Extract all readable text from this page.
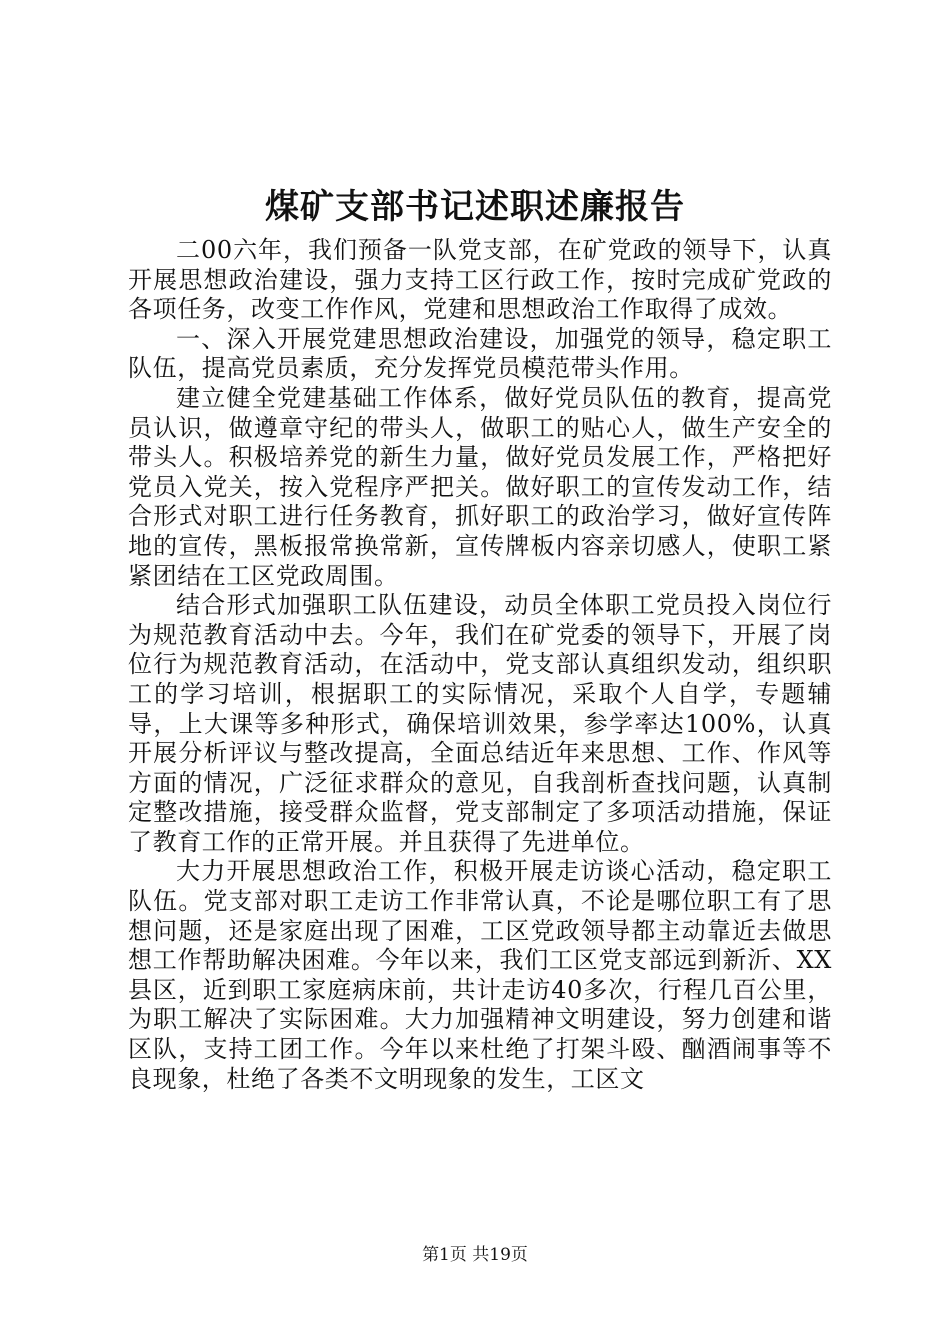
煤矿支部书记述职述廉报告

二00六年，我们预备一队党支部，在矿党政的领导下，认真开展思想政治建设，强力支持工区行政工作，按时完成矿党政的各项任务，改变工作作风，党建和思想政治工作取得了成效。

一、深入开展党建思想政治建设，加强党的领导，稳定职工队伍，提高党员素质，充分发挥党员模范带头作用。

建立健全党建基础工作体系，做好党员队伍的教育，提高党员认识，做遵章守纪的带头人，做职工的贴心人，做生产安全的带头人。积极培养党的新生力量，做好党员发展工作，严格把好党员入党关，按入党程序严把关。做好职工的宣传发动工作，结合形式对职工进行任务教育，抓好职工的政治学习，做好宣传阵地的宣传，黑板报常换常新，宣传牌板内容亲切感人，使职工紧紧团结在工区党政周围。

结合形式加强职工队伍建设，动员全体职工党员投入岗位行为规范教育活动中去。今年，我们在矿党委的领导下，开展了岗位行为规范教育活动，在活动中，党支部认真组织发动，组织职工的学习培训，根据职工的实际情况，采取个人自学，专题辅导，上大课等多种形式，确保培训效果，参学率达100%，认真开展分析评议与整改提高，全面总结近年来思想、工作、作风等方面的情况，广泛征求群众的意见，自我剖析查找问题，认真制定整改措施，接受群众监督，党支部制定了多项活动措施，保证了教育工作的正常开展。并且获得了先进单位。

大力开展思想政治工作，积极开展走访谈心活动，稳定职工队伍。党支部对职工走访工作非常认真，不论是哪位职工有了思想问题，还是家庭出现了困难，工区党政领导都主动靠近去做思想工作帮助解决困难。今年以来，我们工区党支部远到新沂、XX县区，近到职工家庭病床前，共计走访40多次，行程几百公里，为职工解决了实际困难。大力加强精神文明建设，努力创建和谐区队，支持工团工作。今年以来杜绝了打架斗殴、酗酒闹事等不良现象，杜绝了各类不文明现象的发生，工区文

第1页 共19页
